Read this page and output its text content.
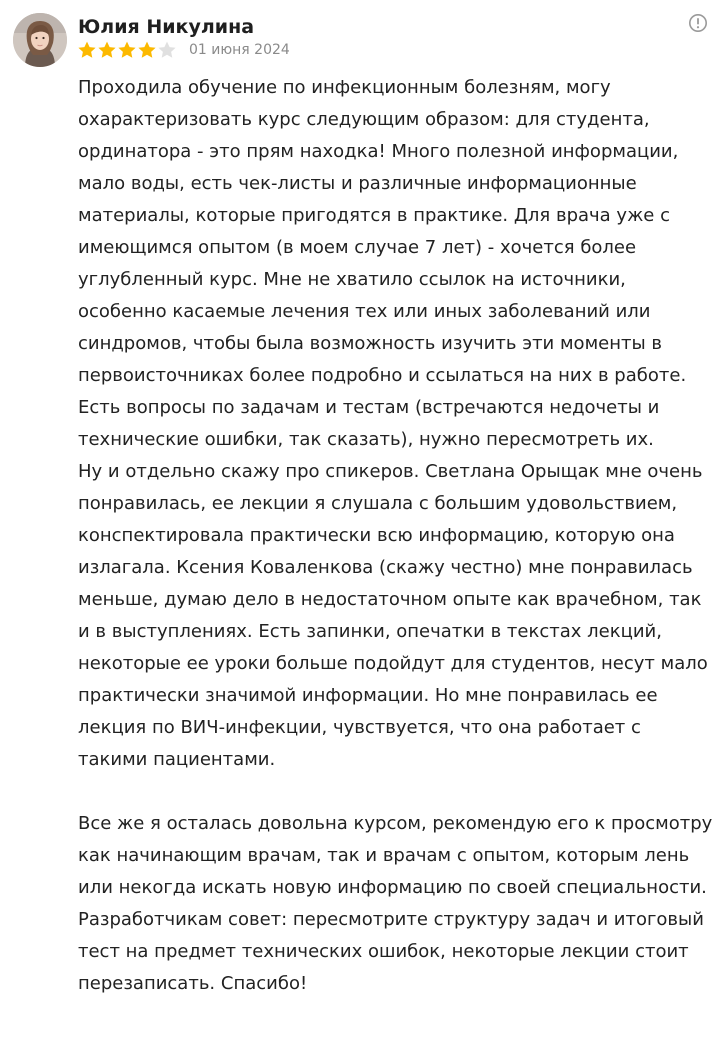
Юлия Никулина
01 июня 2024

Проходила обучение по инфекционным болезням, могу охарактеризовать курс следующим образом: для студента, ординатора - это прям находка! Много полезной информации, мало воды, есть чек-листы и различные информационные материалы, которые пригодятся в практике. Для врача уже с имеющимся опытом (в моем случае 7 лет) - хочется более углубленный курс. Мне не хватило ссылок на источники, особенно касаемые лечения тех или иных заболеваний или синдромов, чтобы была возможность изучить эти моменты в первоисточниках более подробно и ссылаться на них в работе.
Есть вопросы по задачам и тестам (встречаются недочеты и технические ошибки, так сказать), нужно пересмотреть их.
Ну и отдельно скажу про спикеров. Светлана Орыщак мне очень понравилась, ее лекции я слушала с большим удовольствием, конспектировала практически всю информацию, которую она излагала. Ксения Коваленкова (скажу честно) мне понравилась меньше, думаю дело в недостаточном опыте как врачебном, так и в выступлениях. Есть запинки, опечатки в текстах лекций, некоторые ее уроки больше подойдут для студентов, несут мало практически значимой информации. Но мне понравилась ее лекция по ВИЧ-инфекции, чувствуется, что она работает с такими пациентами.

Все же я осталась довольна курсом, рекомендую его к просмотру как начинающим врачам, так и врачам с опытом, которым лень или некогда искать новую информацию по своей специальности. Разработчикам совет: пересмотрите структуру задач и итоговый тест на предмет технических ошибок, некоторые лекции стоит перезаписать. Спасибо!
